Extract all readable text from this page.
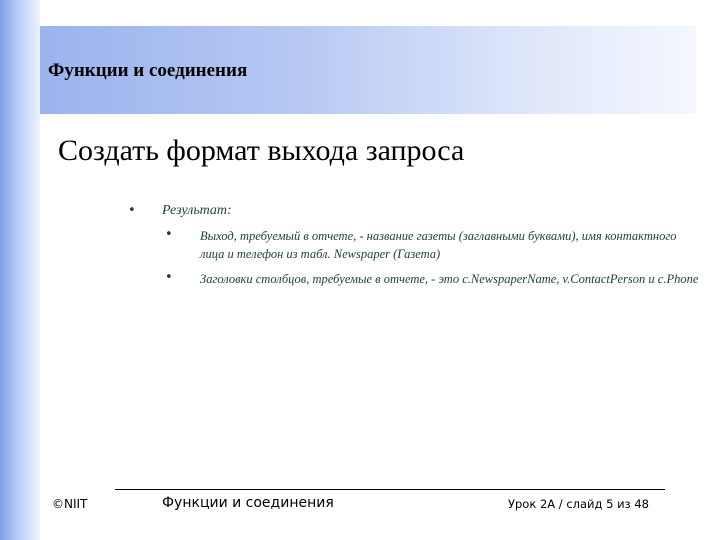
Функции и соединения
Создать формат выхода запроса
• Результат:
• Выход, требуемый в отчете, - название газеты (заглавными буквами), имя контактного лица и телефон из табл. Newspaper (Газета)
• Заголовки столбцов, требуемые в отчете, - это c.NewspaperName, v.ContactPerson и c.Phone
©NIIT	Функции и соединения	Урок 2А / слайд 5 из 48
